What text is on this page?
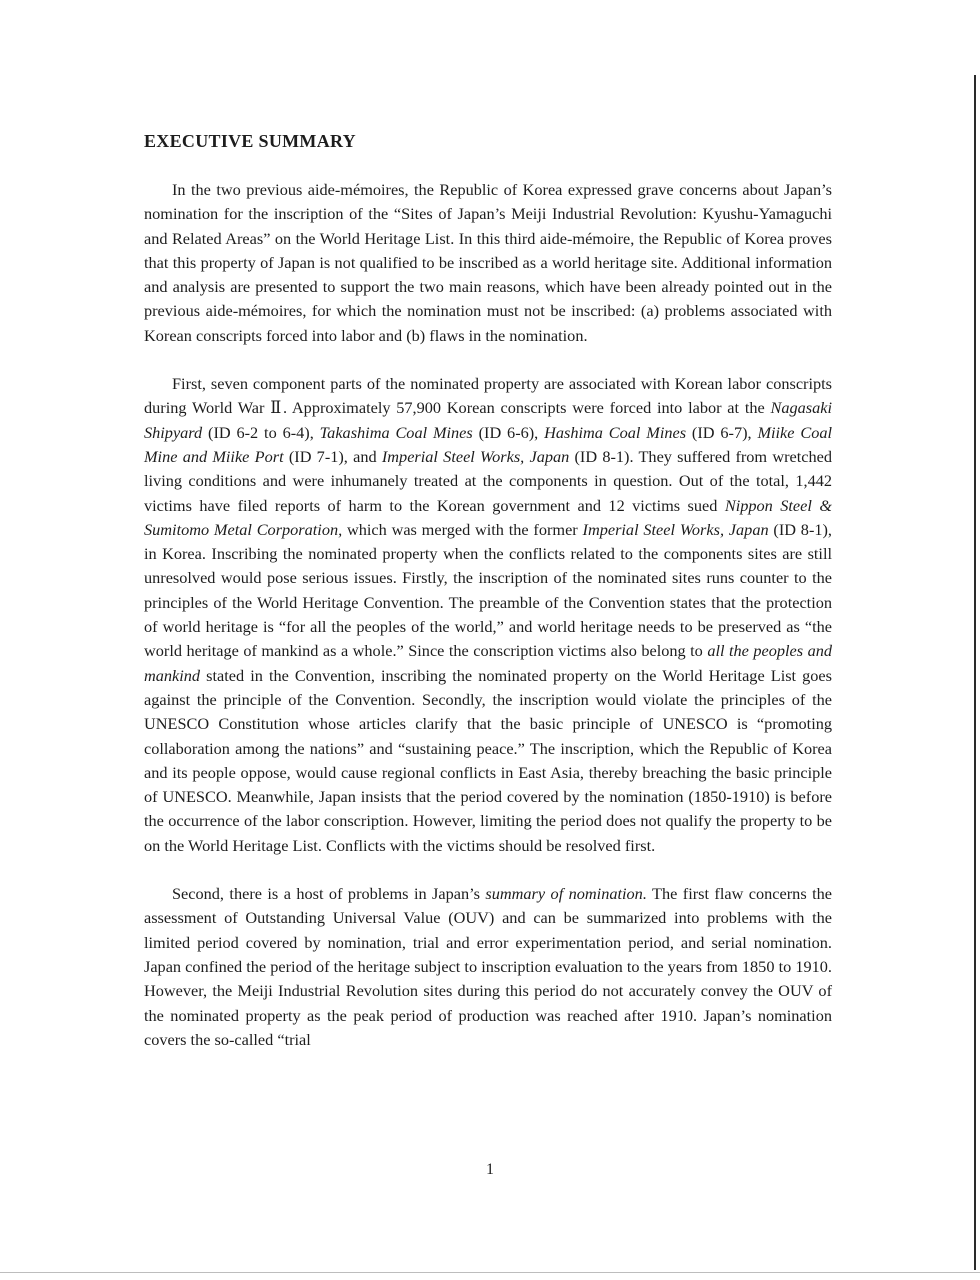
EXECUTIVE SUMMARY

In the two previous aide-mémoires, the Republic of Korea expressed grave concerns about Japan’s nomination for the inscription of the “Sites of Japan’s Meiji Industrial Revolution: Kyushu-Yamaguchi and Related Areas” on the World Heritage List. In this third aide-mémoire, the Republic of Korea proves that this property of Japan is not qualified to be inscribed as a world heritage site. Additional information and analysis are presented to support the two main reasons, which have been already pointed out in the previous aide-mémoires, for which the nomination must not be inscribed: (a) problems associated with Korean conscripts forced into labor and (b) flaws in the nomination.

First, seven component parts of the nominated property are associated with Korean labor conscripts during World War Ⅱ. Approximately 57,900 Korean conscripts were forced into labor at the Nagasaki Shipyard (ID 6-2 to 6-4), Takashima Coal Mines (ID 6-6), Hashima Coal Mines (ID 6-7), Miike Coal Mine and Miike Port (ID 7-1), and Imperial Steel Works, Japan (ID 8-1). They suffered from wretched living conditions and were inhumanely treated at the components in question. Out of the total, 1,442 victims have filed reports of harm to the Korean government and 12 victims sued Nippon Steel & Sumitomo Metal Corporation, which was merged with the former Imperial Steel Works, Japan (ID 8-1), in Korea. Inscribing the nominated property when the conflicts related to the components sites are still unresolved would pose serious issues. Firstly, the inscription of the nominated sites runs counter to the principles of the World Heritage Convention. The preamble of the Convention states that the protection of world heritage is “for all the peoples of the world,” and world heritage needs to be preserved as “the world heritage of mankind as a whole.” Since the conscription victims also belong to all the peoples and mankind stated in the Convention, inscribing the nominated property on the World Heritage List goes against the principle of the Convention. Secondly, the inscription would violate the principles of the UNESCO Constitution whose articles clarify that the basic principle of UNESCO is “promoting collaboration among the nations” and “sustaining peace.” The inscription, which the Republic of Korea and its people oppose, would cause regional conflicts in East Asia, thereby breaching the basic principle of UNESCO. Meanwhile, Japan insists that the period covered by the nomination (1850-1910) is before the occurrence of the labor conscription. However, limiting the period does not qualify the property to be on the World Heritage List. Conflicts with the victims should be resolved first.

Second, there is a host of problems in Japan’s summary of nomination. The first flaw concerns the assessment of Outstanding Universal Value (OUV) and can be summarized into problems with the limited period covered by nomination, trial and error experimentation period, and serial nomination. Japan confined the period of the heritage subject to inscription evaluation to the years from 1850 to 1910. However, the Meiji Industrial Revolution sites during this period do not accurately convey the OUV of the nominated property as the peak period of production was reached after 1910. Japan’s nomination covers the so-called “trial

1
